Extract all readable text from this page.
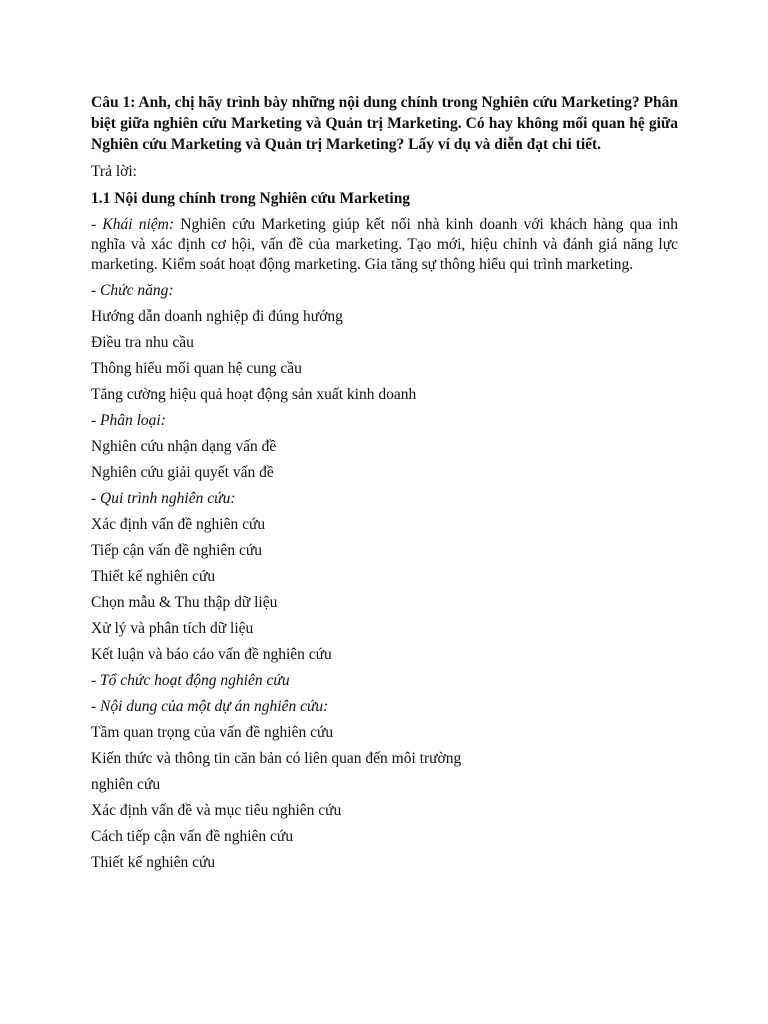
Câu 1: Anh, chị hãy trình bày những nội dung chính trong Nghiên cứu Marketing? Phân biệt giữa nghiên cứu Marketing và Quản trị Marketing. Có hay không mối quan hệ giữa Nghiên cứu Marketing và Quản trị Marketing? Lấy ví dụ và diễn đạt chi tiết.

Trả lời:

1.1 Nội dung chính trong Nghiên cứu Marketing

- Khái niệm: Nghiên cứu Marketing giúp kết nối nhà kinh doanh với khách hàng qua inh nghĩa và xác định cơ hội, vấn đề của marketing. Tạo mới, hiệu chỉnh và đánh giá năng lực marketing. Kiểm soát hoạt động marketing. Gia tăng sự thông hiểu qui trình marketing.

- Chức năng:

Hướng dẫn doanh nghiệp đi đúng hướng
Điều tra nhu cầu
Thông hiểu mối quan hệ cung cầu
Tăng cường hiệu quả hoạt động sản xuất kinh doanh

- Phân loại:

Nghiên cứu nhận dạng vấn đề
Nghiên cứu giải quyết vấn đề

- Qui trình nghiên cứu:

Xác định vấn đề nghiên cứu
Tiếp cận vấn đề nghiên cứu
Thiết kế nghiên cứu
Chọn mẫu & Thu thập dữ liệu
Xử lý và phân tích dữ liệu
Kết luận và báo cáo vấn đề nghiên cứu

- Tổ chức hoạt động nghiên cứu

- Nội dung của một dự án nghiên cứu:

Tầm quan trọng của vấn đề nghiên cứu
Kiến thức và thông tin căn bản có liên quan đến môi trường
nghiên cứu
Xác định vấn đề và mục tiêu nghiên cứu
Cách tiếp cận vấn đề nghiên cứu
Thiết kế nghiên cứu
